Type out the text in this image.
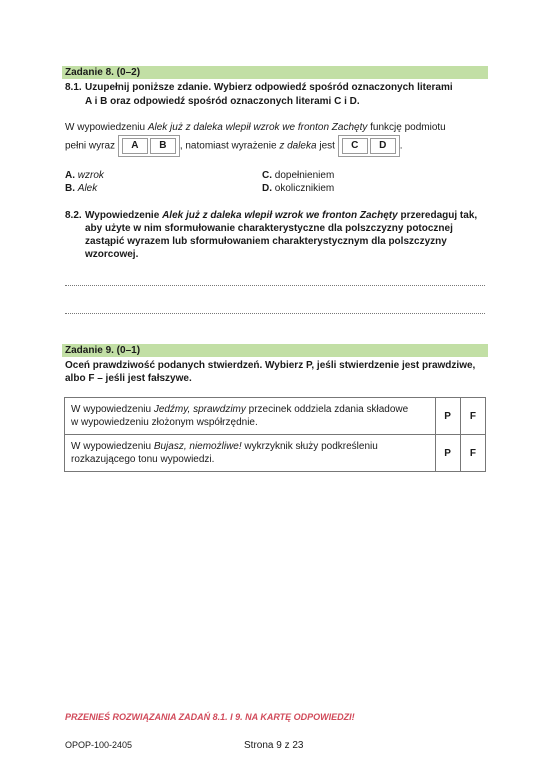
Zadanie 8. (0–2)
8.1. Uzupełnij poniższe zdanie. Wybierz odpowiedź spośród oznaczonych literami
A i B oraz odpowiedź spośród oznaczonych literami C i D.
W wypowiedzeniu Alek już z daleka wlepił wzrok we fronton Zachęty funkcję podmiotu
pełni wyraz A B , natomiast wyrażenie z daleka jest C D .
A. wzrok
B. Alek
C. dopełnieniem
D. okolicznikiem
8.2. Wypowiedzenie Alek już z daleka wlepił wzrok we fronton Zachęty przeredaguj tak,
aby użyte w nim sformułowanie charakterystyczne dla polszczyzny potocznej
zastąpić wyrazem lub sformułowaniem charakterystycznym dla polszczyzny
wzorcowej.
Zadanie 9. (0–1)
Oceń prawdziwość podanych stwierdzeń. Wybierz P, jeśli stwierdzenie jest prawdziwe,
albo F – jeśli jest fałszywe.
W wypowiedzeniu Jedźmy, sprawdzimy przecinek oddziela zdania składowe
w wypowiedzeniu złożonym współrzędnie.	P	F
W wypowiedzeniu Bujasz, niemożliwe! wykrzyknik służy podkreśleniu
rozkazującego tonu wypowiedzi.	P	F
PRZENIEŚ ROZWIĄZANIA ZADAŃ 8.1. I 9. NA KARTĘ ODPOWIEDZI!
OPOP-100-2405	Strona 9 z 23
